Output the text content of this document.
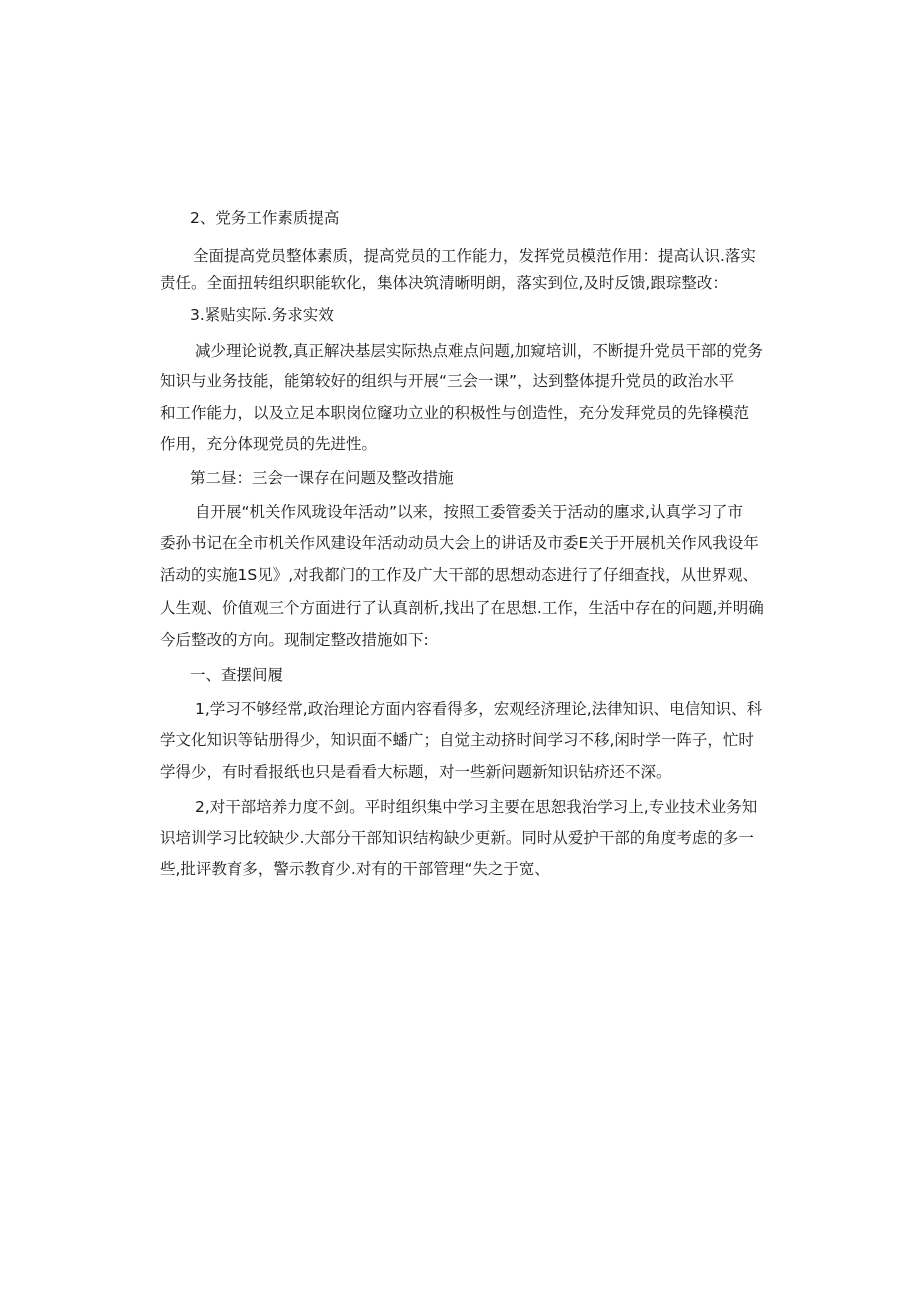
2、党务工作素质提高
全面提高党员整体素质，提高党员的工作能力，发挥党员模范作用：提高认识.落实
责任。全面扭转组织职能软化，集体决筑清晰明朗，落实到位,及时反馈,跟琮整改：
3.紧贴实际.务求实效
减少理论说教,真正解决基层实际热点难点问题,加窥培训，不断提升党员干部的党务
知识与业务技能，能第较好的组织与开展“三会一课”，达到整体提升党员的政治水平
和工作能力，以及立足本职岗位窿功立业的积极性与创造性，充分发拜党员的先锋模范
作用，充分体现党员的先进性。
第二昼：三会一课存在问题及整改措施
自开展“机关作风珑设年活动”以来，按照工委管委关于活动的廛求,认真学习了市
委孙书记在全市机关作风建设年活动动员大会上的讲话及市委E关于开展机关作风我设年
活动的实施1S见》,对我都门的工作及广大干部的思想动态进行了仔细查找，从世界观、
人生观、价值观三个方面进行了认真剖析,找出了在思想.工作，生活中存在的问题,并明确
今后整改的方向。现制定整改措施如下:
一、查摆间履
1,学习不够经常,政治理论方面内容看得多，宏观经济理论,法律知识、电信知识、科
学文化知识等钻册得少，知识面不蟠广；自觉主动挤时间学习不移,闲时学一阵子，忙时
学得少，有时看报纸也只是看看大标题，对一些新问题新知识钻疥还不深。
2,对干部培养力度不剑。平时组织集中学习主要在思恕我治学习上,专业技术业务知
识培训学习比较缺少.大部分干部知识结构缺少更新。同时从爱护干部的角度考虑的多一
些,批评教育多，警示教育少.对有的干部管理“失之于宽、
